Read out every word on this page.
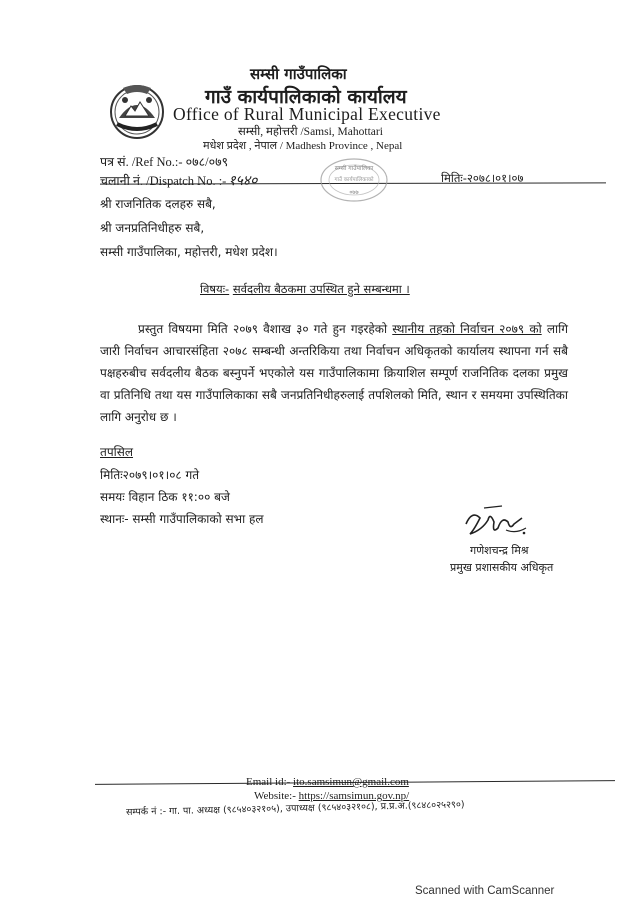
सम्सी गाउँपालिका
गाउँ कार्यपालिकाको कार्यालय
Office of Rural Municipal Executive
सम्सी, महोत्तरी /Samsi, Mahottari
मधेश प्रदेश , नेपाल / Madhesh Province , Nepal
पत्र सं. /Ref No.:- ०७८/०७९
चलानी नं. /Dispatch No. :- १५४०	मितिः-२०७८।०१।०७
सम्सी गाउँपालिका
गाउँ कार्यपालिकाको
०७७
श्री राजनितिक दलहरु सबै,
श्री जनप्रतिनिधीहरु सबै,
सम्सी गाउँपालिका, महोत्तरी, मधेश प्रदेश।
विषयः- सर्वदलीय बैठकमा उपस्थित हुने सम्बन्धमा ।
प्रस्तुत विषयमा मिति २०७९ वैशाख ३० गते हुन गइरहेको स्थानीय तहको निर्वाचन २०७९ को लागि जारी निर्वाचन आचारसंहिता २०७८ सम्बन्धी अन्तरिकिया तथा निर्वाचन अधिकृतको कार्यालय स्थापना गर्न सबै पक्षहरुबीच सर्वदलीय बैठक बस्नुपर्ने भएकोले यस गाउँपालिकामा क्रियाशिल सम्पूर्ण राजनितिक दलका प्रमुख वा प्रतिनिधि तथा यस गाउँपालिकाका सबै जनप्रतिनिधीहरुलाई तपशिलको मिति, स्थान र समयमा उपस्थितिका लागि अनुरोध छ ।
तपसिल
मितिः२०७९।०१।०८ गते
समयः विहान ठिक ११:०० बजे
स्थानः- सम्सी गाउँपालिकाको सभा हल
गणेशचन्द्र मिश्र
प्रमुख प्रशासकीय अधिकृत
Email id:- ito.samsimun@gmail.com
Website:- https://samsimun.gov.np/
सम्पर्क नं :- गा. पा. अध्यक्ष (९८५४०३२१०५), उपाध्यक्ष (९८५४०३२१०८), प्र.प्र.अ.(९८४८०२५२९०)
Scanned with CamScanner
